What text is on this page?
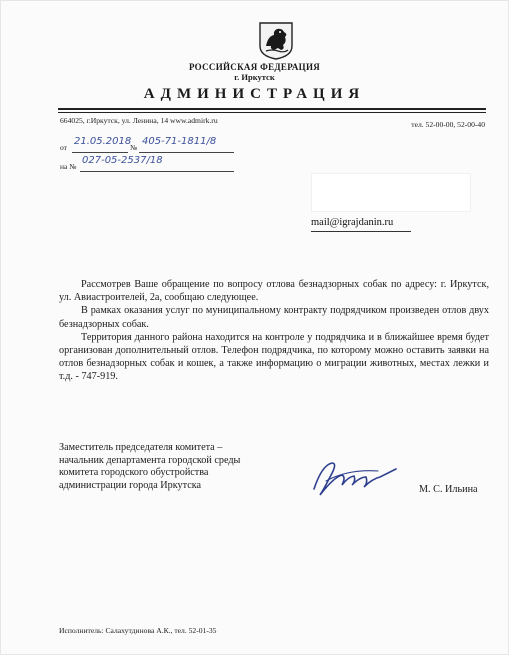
РОССИЙСКАЯ ФЕДЕРАЦИЯ
г. Иркутск
АДМИНИСТРАЦИЯ
664025, г.Иркутск, ул. Ленина, 14 www.admirk.ru	тел. 52-00-00, 52-00-40
от
21.05.2018
№
405-71-1811/8
на №
027-05-2537/18
mail@igrajdanin.ru

Рассмотрев Ваше обращение по вопросу отлова безнадзорных собак по адресу: г. Иркутск, ул. Авиастроителей, 2а, сообщаю следующее.

В рамках оказания услуг по муниципальному контракту подрядчиком произведен отлов двух безнадзорных собак.

Территория данного района находится на контроле у подрядчика и в ближайшее время будет организован дополнительный отлов. Телефон подрядчика, по которому можно оставить заявки на отлов безнадзорных собак и кошек, а также информацию о миграции животных, местах лежки и т.д. - 747-919.

Заместитель председателя комитета –
начальник департамента городской среды
комитета городского обустройства
администрации города Иркутска	М. С. Ильина
Исполнитель: Салахутдинова А.К., тел. 52-01-35
